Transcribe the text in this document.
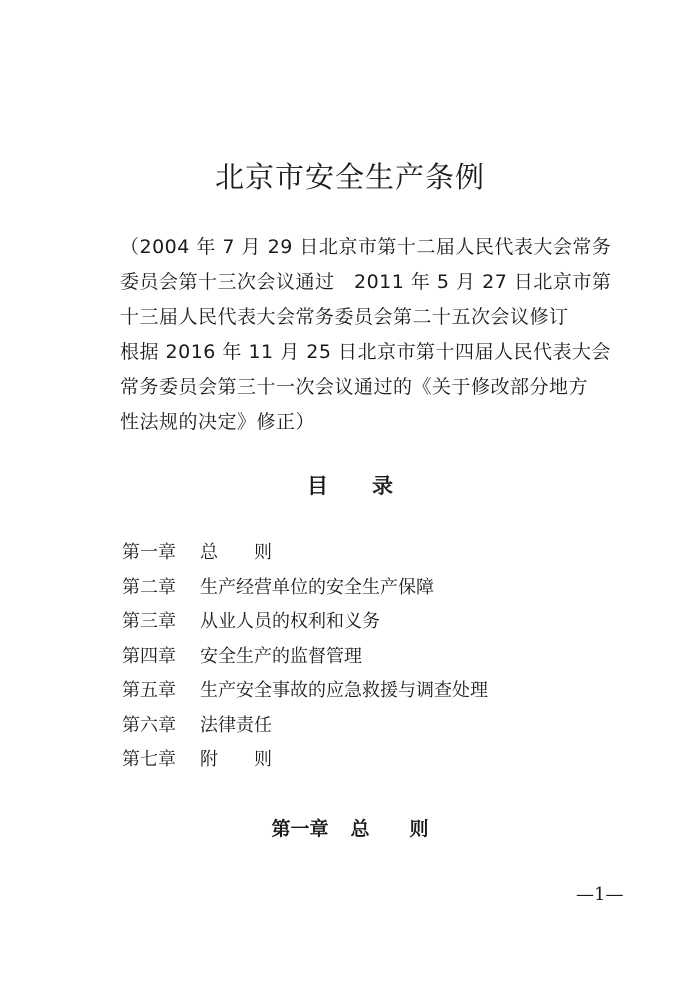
北京市安全生产条例
（2004 年 7 月 29 日北京市第十二届人民代表大会常务
委员会第十三次会议通过　2011 年 5 月 27 日北京市第
十三届人民代表大会常务委员会第二十五次会议修订
根据 2016 年 11 月 25 日北京市第十四届人民代表大会
常务委员会第三十一次会议通过的《关于修改部分地方
性法规的决定》修正）
目 录
第一章 总　　则
第二章 生产经营单位的安全生产保障
第三章 从业人员的权利和义务
第四章 安全生产的监督管理
第五章 生产安全事故的应急救援与调查处理
第六章 法律责任
第七章 附　　则
第一章 总 则
—1—
